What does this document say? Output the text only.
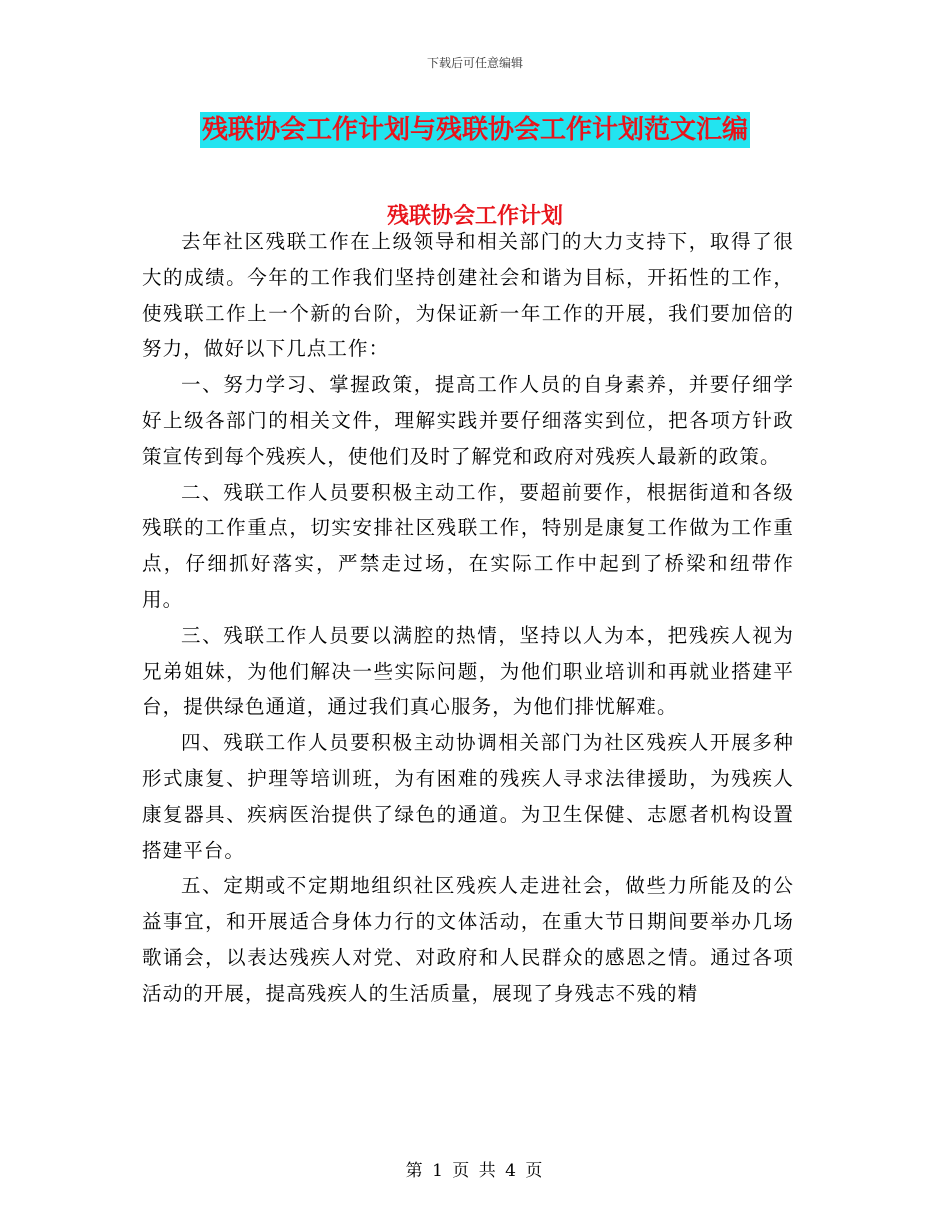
下载后可任意编辑
残联协会工作计划与残联协会工作计划范文汇编
残联协会工作计划

去年社区残联工作在上级领导和相关部门的大力支持下，取得了很大的成绩。今年的工作我们坚持创建社会和谐为目标，开拓性的工作，使残联工作上一个新的台阶，为保证新一年工作的开展，我们要加倍的努力，做好以下几点工作：

一、努力学习、掌握政策，提高工作人员的自身素养，并要仔细学好上级各部门的相关文件，理解实践并要仔细落实到位，把各项方针政策宣传到每个残疾人，使他们及时了解党和政府对残疾人最新的政策。

二、残联工作人员要积极主动工作，要超前要作，根据街道和各级残联的工作重点，切实安排社区残联工作，特别是康复工作做为工作重点，仔细抓好落实，严禁走过场，在实际工作中起到了桥梁和纽带作用。

三、残联工作人员要以满腔的热情，坚持以人为本，把残疾人视为兄弟姐妹，为他们解决一些实际问题，为他们职业培训和再就业搭建平台，提供绿色通道，通过我们真心服务，为他们排忧解难。

四、残联工作人员要积极主动协调相关部门为社区残疾人开展多种形式康复、护理等培训班，为有困难的残疾人寻求法律援助，为残疾人康复器具、疾病医治提供了绿色的通道。为卫生保健、志愿者机构设置搭建平台。

五、定期或不定期地组织社区残疾人走进社会，做些力所能及的公益事宜，和开展适合身体力行的文体活动，在重大节日期间要举办几场歌诵会，以表达残疾人对党、对政府和人民群众的感恩之情。通过各项活动的开展，提高残疾人的生活质量，展现了身残志不残的精

第 1 页 共 4 页
